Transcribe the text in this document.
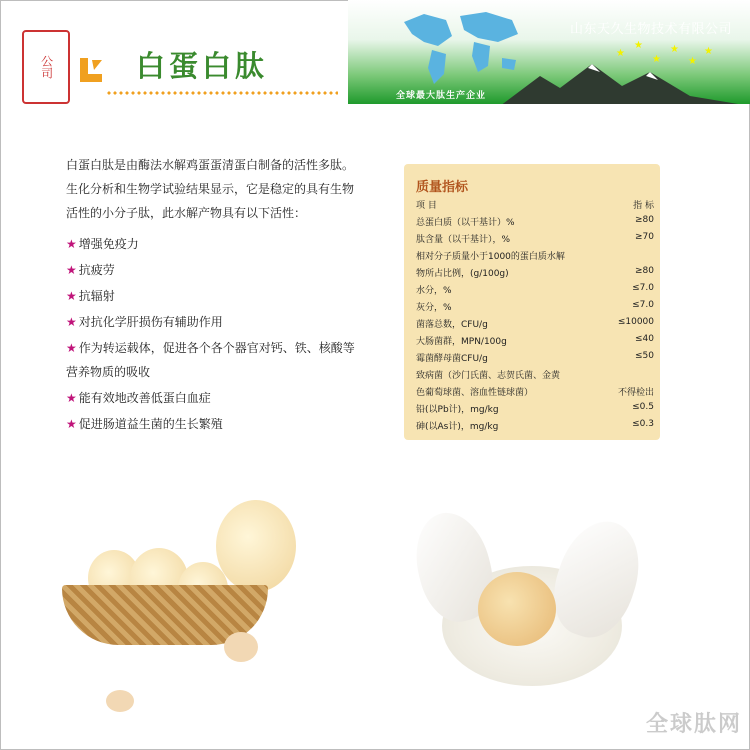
★
★
★
★
★
★
山东天久生物技术有限公司
全球最大肽生产企业
公司	白蛋白肽
白蛋白肽是由酶法水解鸡蛋蛋清蛋白制备的活性多肽。生化分析和生物学试验结果显示，它是稳定的具有生物活性的小分子肽，此水解产物具有以下活性：
★ 增强免疫力
★ 抗疲劳
★ 抗辐射
★ 对抗化学肝损伤有辅助作用
★ 作为转运载体，促进各个各个器官对钙、铁、核酸等营养物质的吸收
★ 能有效地改善低蛋白血症
★ 促进肠道益生菌的生长繁殖
质量指标
项 目	指 标
总蛋白质（以干基计）%	≥80
肽含量（以干基计），%	≥70
相对分子质量小于1000的蛋白质水解
物所占比例，(g/100g)	≥80
水分，%	≤7.0
灰分，%	≤7.0
菌落总数，CFU/g	≤10000
大肠菌群，MPN/100g	≤40
霉菌酵母菌CFU/g	≤50
致病菌（沙门氏菌、志贺氏菌、金黄
色葡萄球菌、溶血性链球菌）	不得检出
铅(以Pb计)，mg/kg	≤0.5
砷(以As计)，mg/kg	≤0.3
全球肽网
